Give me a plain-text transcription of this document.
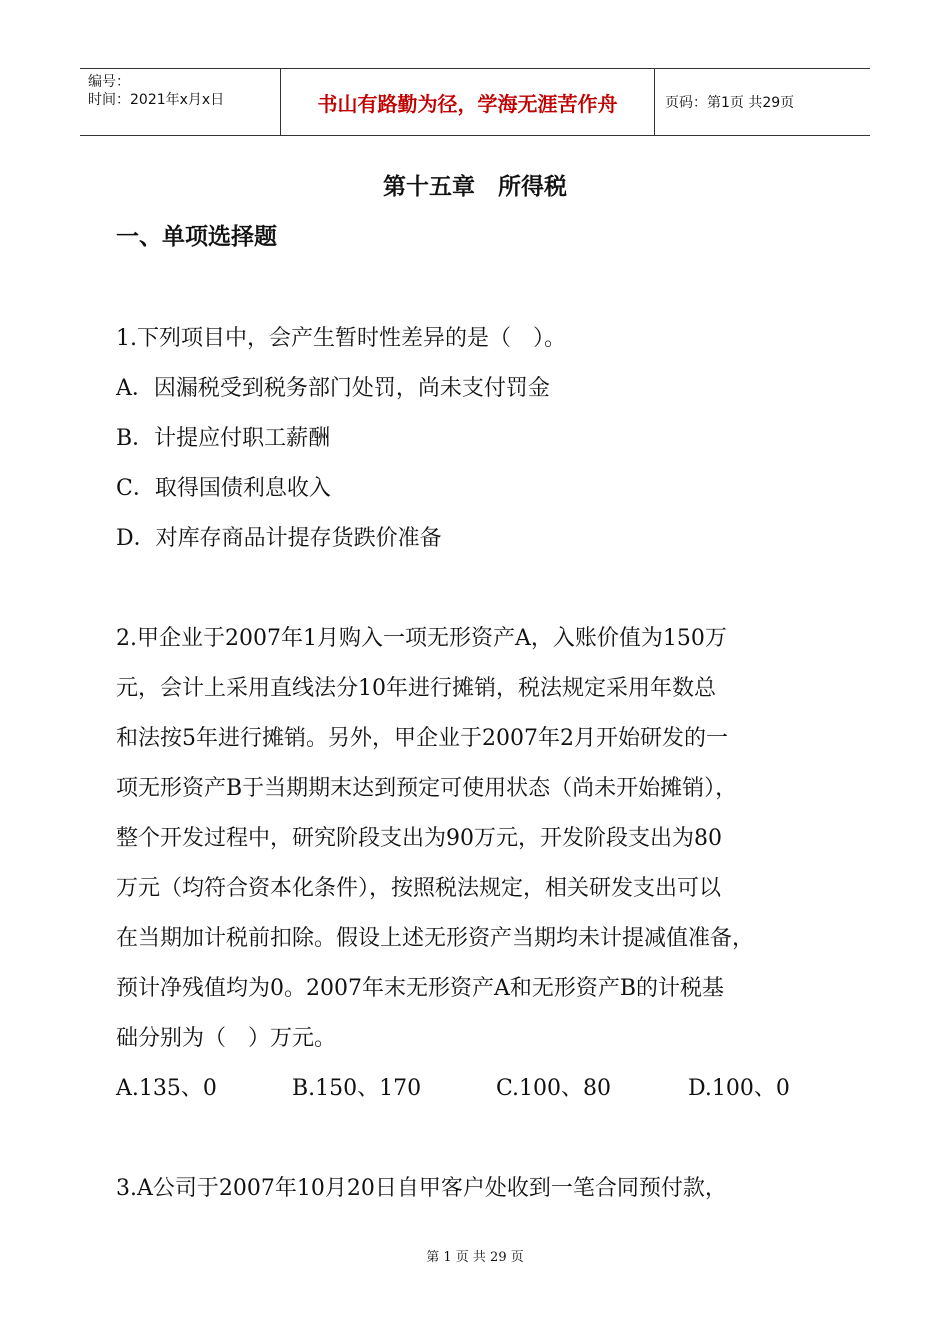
编号：
时间：2021年x月x日	书山有路勤为径，学海无涯苦作舟	页码：第1页 共29页
第十五章　所得税
一、单项选择题
1.下列项目中，会产生暂时性差异的是（　）。
A．因漏税受到税务部门处罚，尚未支付罚金
B．计提应付职工薪酬
C．取得国债利息收入
D．对库存商品计提存货跌价准备
2.甲企业于2007年1月购入一项无形资产A，入账价值为150万
元，会计上采用直线法分10年进行摊销，税法规定采用年数总
和法按5年进行摊销。另外，甲企业于2007年2月开始研发的一
项无形资产B于当期期末达到预定可使用状态（尚未开始摊销），
整个开发过程中，研究阶段支出为90万元，开发阶段支出为80
万元（均符合资本化条件），按照税法规定，相关研发支出可以
在当期加计税前扣除。假设上述无形资产当期均未计提减值准备，
预计净残值均为0。2007年末无形资产A和无形资产B的计税基
础分别为（　）万元。
A.135、0	B.150、170	C.100、80	D.100、0
3.A公司于2007年10月20日自甲客户处收到一笔合同预付款，
第 1 页 共 29 页
